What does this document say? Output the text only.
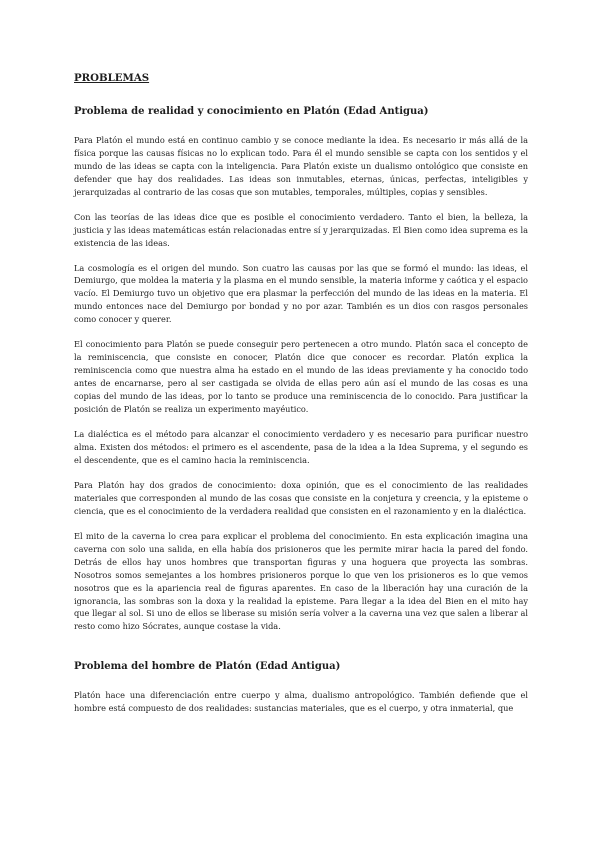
PROBLEMAS
Problema de realidad y conocimiento en Platón (Edad Antigua)

Para Platón el mundo está en continuo cambio y se conoce mediante la idea. Es necesario ir más allá de la física porque las causas físicas no lo explican todo. Para él el mundo sensible se capta con los sentidos y el mundo de las ideas se capta con la inteligencia. Para Platón existe un dualismo ontológico que consiste en defender que hay dos realidades. Las ideas son inmutables, eternas, únicas, perfectas, inteligibles y jerarquizadas al contrario de las cosas que son mutables, temporales, múltiples, copias y sensibles.

Con las teorías de las ideas dice que es posible el conocimiento verdadero. Tanto el bien, la belleza, la justicia y las ideas matemáticas están relacionadas entre sí y jerarquizadas. El Bien como idea suprema es la existencia de las ideas.

La cosmología es el origen del mundo. Son cuatro las causas por las que se formó el mundo: las ideas, el Demiurgo, que moldea la materia y la plasma en el mundo sensible, la materia informe y caótica y el espacio vacío. El Demiurgo tuvo un objetivo que era plasmar la perfección del mundo de las ideas en la materia. El mundo entonces nace del Demiurgo por bondad y no por azar. También es un dios con rasgos personales como conocer y querer.

El conocimiento para Platón se puede conseguir pero pertenecen a otro mundo. Platón saca el concepto de la reminiscencia, que consiste en conocer, Platón dice que conocer es recordar. Platón explica la reminiscencia como que nuestra alma ha estado en el mundo de las ideas previamente y ha conocido todo antes de encarnarse, pero al ser castigada se olvida de ellas pero aún así el mundo de las cosas es una copias del mundo de las ideas, por lo tanto se produce una reminiscencia de lo conocido. Para justificar la posición de Platón se realiza un experimento mayéutico.

La dialéctica es el método para alcanzar el conocimiento verdadero y es necesario para purificar nuestro alma. Existen dos métodos: el primero es el ascendente, pasa de la idea a la Idea Suprema, y el segundo es el descendente, que es el camino hacia la reminiscencia.

Para Platón hay dos grados de conocimiento: doxa opinión, que es el conocimiento de las realidades materiales que corresponden al mundo de las cosas que consiste en la conjetura y creencia, y la episteme o ciencia, que es el conocimiento de la verdadera realidad que consisten en el razonamiento y en la dialéctica.

El mito de la caverna lo crea para explicar el problema del conocimiento. En esta explicación imagina una caverna con solo una salida, en ella había dos prisioneros que les permite mirar hacia la pared del fondo. Detrás de ellos hay unos hombres que transportan figuras y una hoguera que proyecta las sombras. Nosotros somos semejantes a los hombres prisioneros porque lo que ven los prisioneros es lo que vemos nosotros que es la apariencia real de figuras aparentes. En caso de la liberación hay una curación de la ignorancia, las sombras son la doxa y la realidad la episteme. Para llegar a la idea del Bien en el mito hay que llegar al sol. Si uno de ellos se liberase su misión sería volver a la caverna una vez que salen a liberar al resto como hizo Sócrates, aunque costase la vida.

Problema del hombre de Platón (Edad Antigua)

Platón hace una diferenciación entre cuerpo y alma, dualismo antropológico. También defiende que el hombre está compuesto de dos realidades: sustancias materiales, que es el cuerpo, y otra inmaterial, que
